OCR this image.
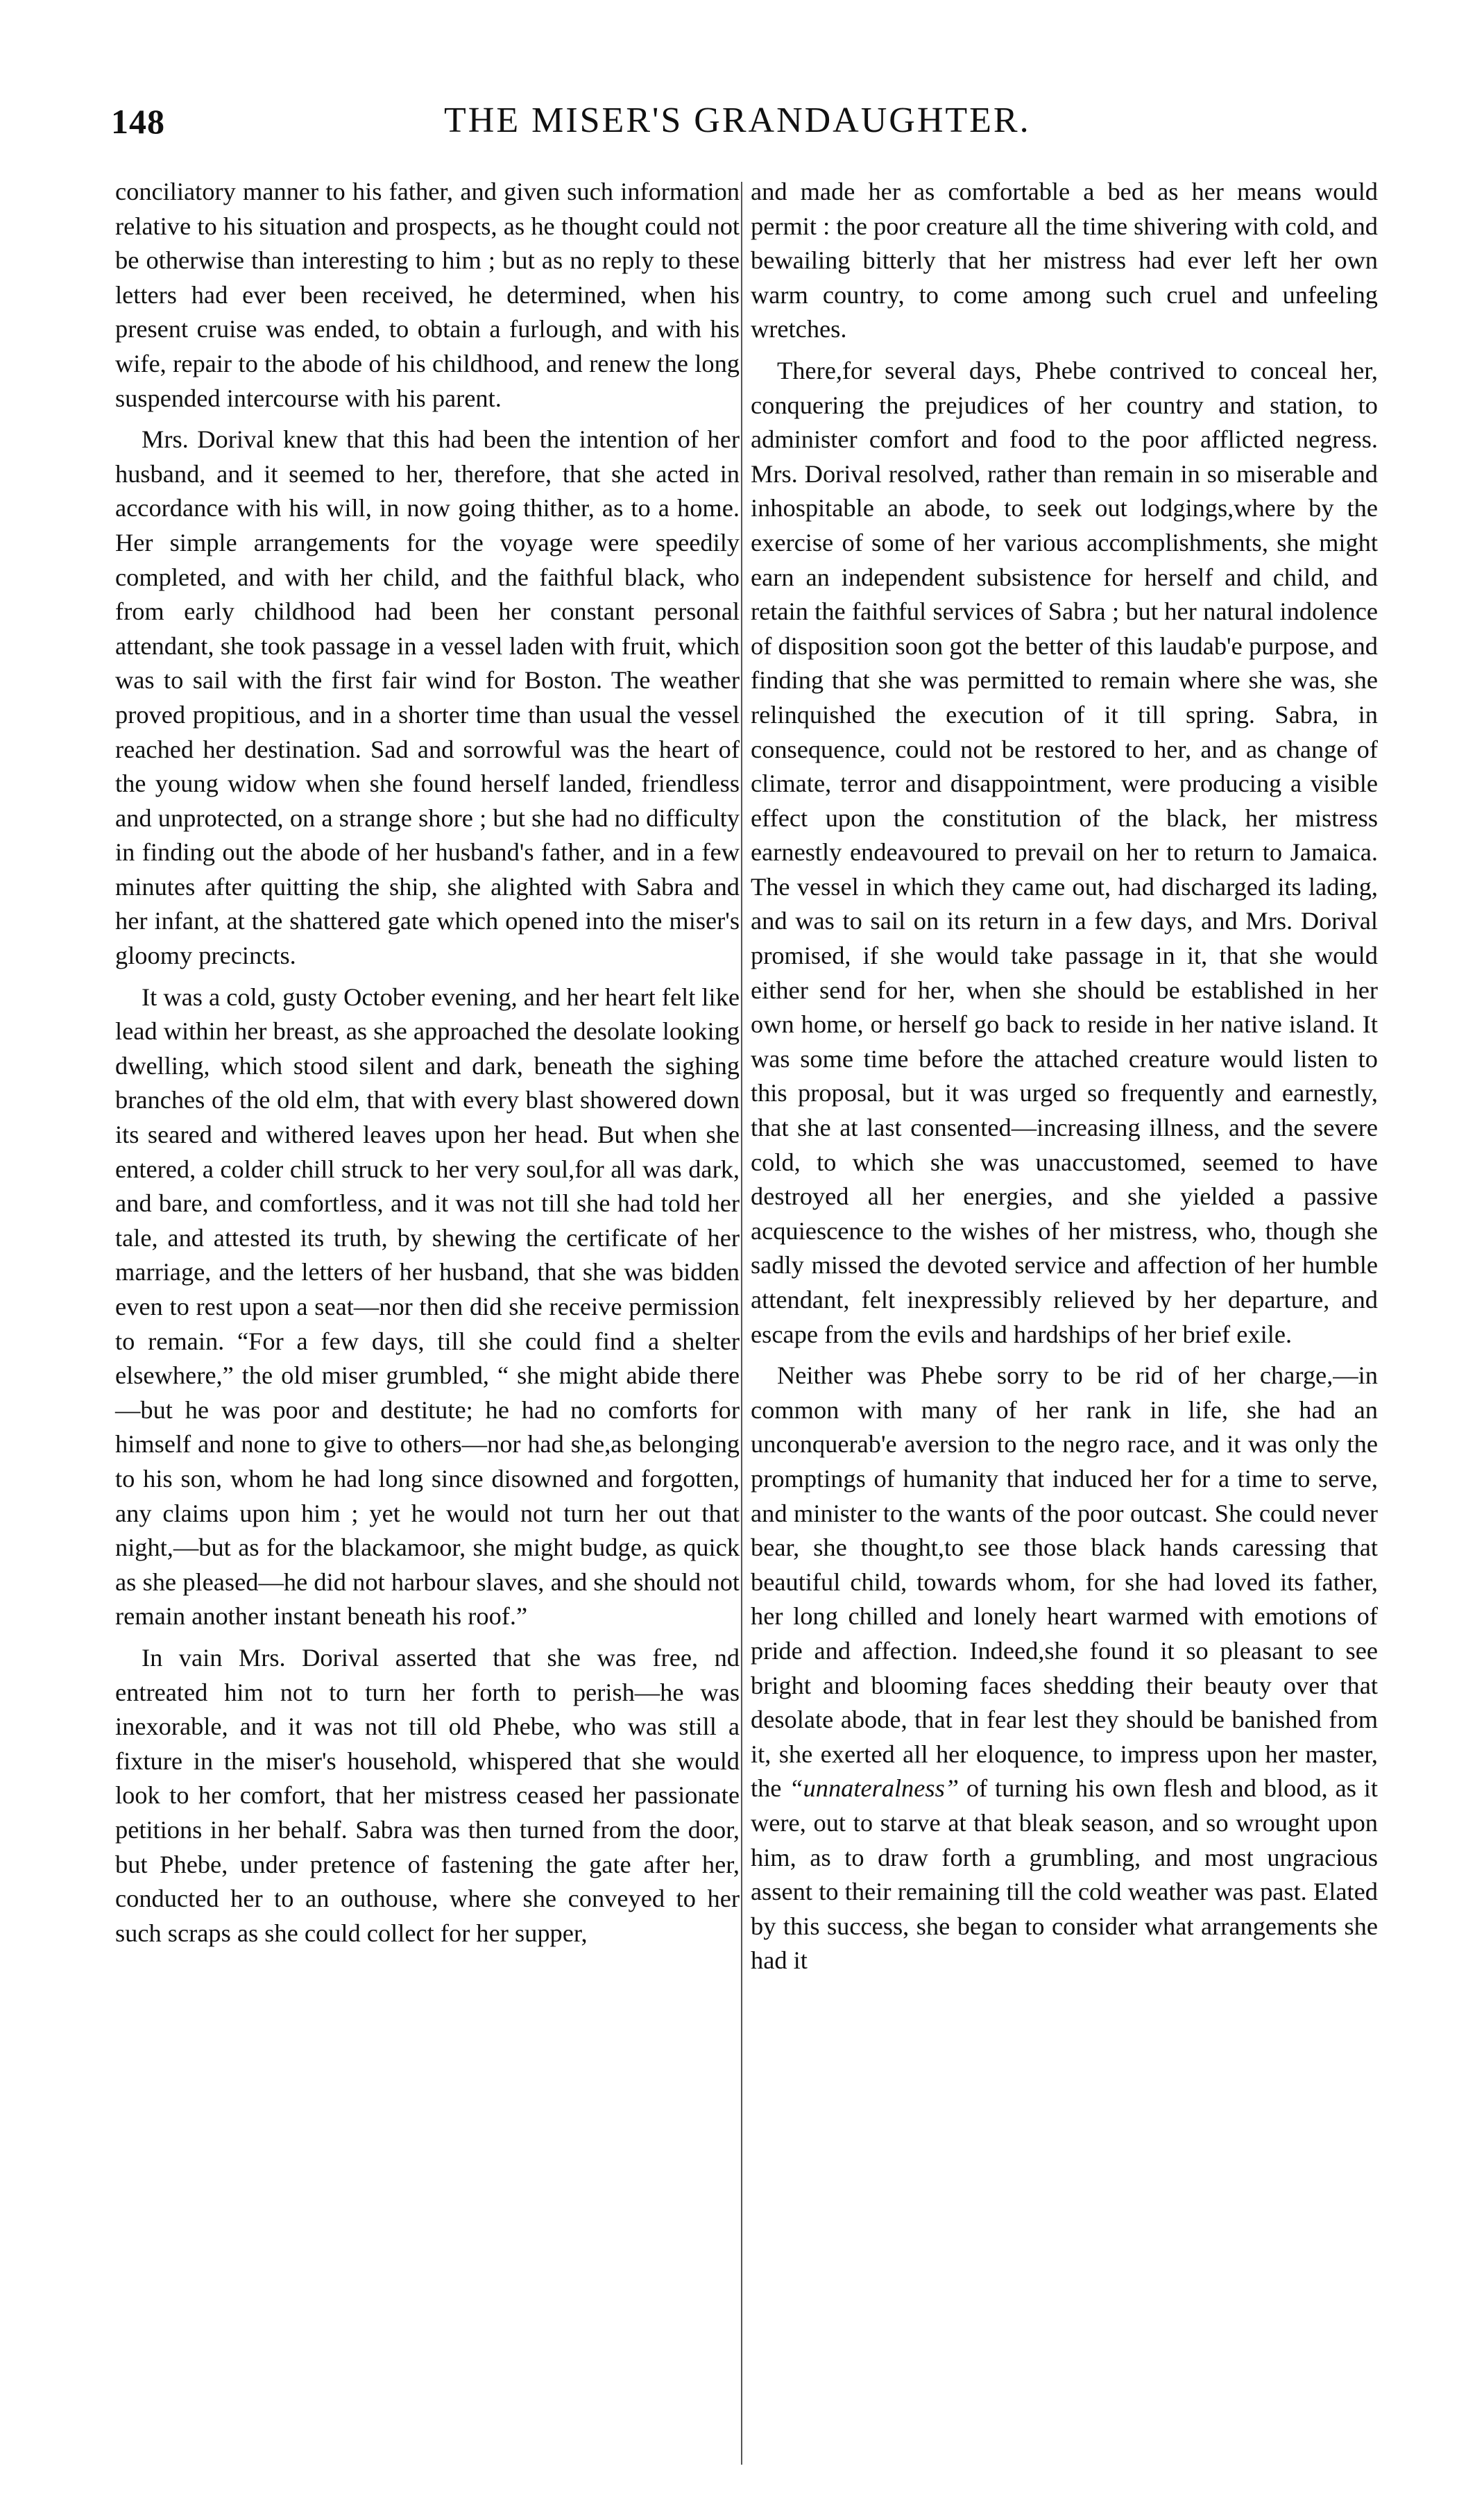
148	THE MISER'S GRANDAUGHTER.

conciliatory manner to his father, and given such information relative to his situation and prospects, as he thought could not be otherwise than interesting to him ; but as no reply to these letters had ever been received, he determined, when his present cruise was ended, to obtain a furlough, and with his wife, repair to the abode of his childhood, and renew the long suspended intercourse with his parent.

Mrs. Dorival knew that this had been the intention of her husband, and it seemed to her, therefore, that she acted in accordance with his will, in now going thither, as to a home. Her simple arrangements for the voyage were speedily completed, and with her child, and the faithful black, who from early childhood had been her constant personal attendant, she took passage in a vessel laden with fruit, which was to sail with the first fair wind for Boston. The weather proved propitious, and in a shorter time than usual the vessel reached her destination. Sad and sorrowful was the heart of the young widow when she found herself landed, friendless and unprotected, on a strange shore ; but she had no difficulty in finding out the abode of her husband's father, and in a few minutes after quitting the ship, she alighted with Sabra and her infant, at the shattered gate which opened into the miser's gloomy precincts.

It was a cold, gusty October evening, and her heart felt like lead within her breast, as she approached the desolate looking dwelling, which stood silent and dark, beneath the sighing branches of the old elm, that with every blast showered down its seared and withered leaves upon her head. But when she entered, a colder chill struck to her very soul,for all was dark, and bare, and comfortless, and it was not till she had told her tale, and attested its truth, by shewing the certificate of her marriage, and the letters of her husband, that she was bidden even to rest upon a seat—nor then did she receive permission to remain. “For a few days, till she could find a shelter elsewhere,” the old miser grumbled, “ she might abide there—but he was poor and destitute; he had no comforts for himself and none to give to others—nor had she,as belonging to his son, whom he had long since disowned and forgotten, any claims upon him ; yet he would not turn her out that night,—but as for the blackamoor, she might budge, as quick as she pleased—he did not harbour slaves, and she should not remain another instant beneath his roof.”

In vain Mrs. Dorival asserted that she was free, nd entreated him not to turn her forth to perish—he was inexorable, and it was not till old Phebe, who was still a fixture in the miser's household, whispered that she would look to her comfort, that her mistress ceased her passionate petitions in her behalf. Sabra was then turned from the door, but Phebe, under pretence of fastening the gate after her, conducted her to an outhouse, where she conveyed to her such scraps as she could collect for her supper,

and made her as comfortable a bed as her means would permit : the poor creature all the time shivering with cold, and bewailing bitterly that her mistress had ever left her own warm country, to come among such cruel and unfeeling wretches.

There,for several days, Phebe contrived to conceal her, conquering the prejudices of her country and station, to administer comfort and food to the poor afflicted negress. Mrs. Dorival resolved, rather than remain in so miserable and inhospitable an abode, to seek out lodgings,where by the exercise of some of her various accomplishments, she might earn an independent subsistence for herself and child, and retain the faithful services of Sabra ; but her natural indolence of disposition soon got the better of this laudab'e purpose, and finding that she was permitted to remain where she was, she relinquished the execution of it till spring. Sabra, in consequence, could not be restored to her, and as change of climate, terror and disappointment, were producing a visible effect upon the constitution of the black, her mistress earnestly endeavoured to prevail on her to return to Jamaica. The vessel in which they came out, had discharged its lading, and was to sail on its return in a few days, and Mrs. Dorival promised, if she would take passage in it, that she would either send for her, when she should be established in her own home, or herself go back to reside in her native island. It was some time before the attached creature would listen to this proposal, but it was urged so frequently and earnestly, that she at last consented—increasing illness, and the severe cold, to which she was unaccustomed, seemed to have destroyed all her energies, and she yielded a passive acquiescence to the wishes of her mistress, who, though she sadly missed the devoted service and affection of her humble attendant, felt inexpressibly relieved by her departure, and escape from the evils and hardships of her brief exile.

Neither was Phebe sorry to be rid of her charge,—in common with many of her rank in life, she had an unconquerab'e aversion to the negro race, and it was only the promptings of humanity that induced her for a time to serve, and minister to the wants of the poor outcast. She could never bear, she thought,to see those black hands caressing that beautiful child, towards whom, for she had loved its father, her long chilled and lonely heart warmed with emotions of pride and affection. Indeed,she found it so pleasant to see bright and blooming faces shedding their beauty over that desolate abode, that in fear lest they should be banished from it, she exerted all her eloquence, to impress upon her master, the “unnateralness” of turning his own flesh and blood, as it were, out to starve at that bleak season, and so wrought upon him, as to draw forth a grumbling, and most ungracious assent to their remaining till the cold weather was past. Elated by this success, she began to consider what arrangements she had it
